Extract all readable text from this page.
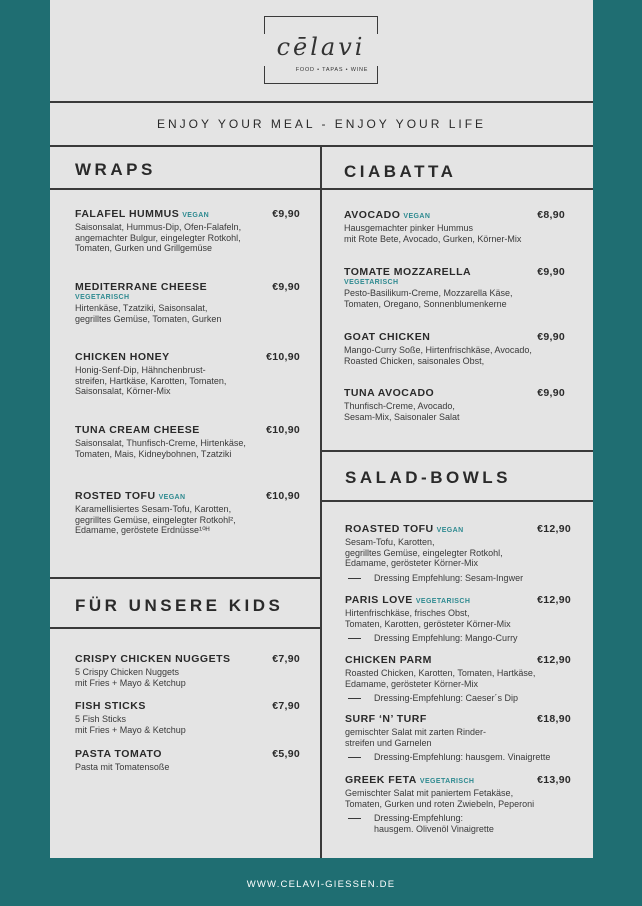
cēlavi
FOOD • TAPAS • WINE
ENJOY YOUR MEAL - ENJOY YOUR LIFE
WRAPS
FALAFEL HUMMUS VEGAN	€9,90
Saisonsalat, Hummus-Dip, Ofen-Falafeln,
angemachter Bulgur, eingelegter Rotkohl,
Tomaten, Gurken und Grillgemüse
MEDITERRANE CHEESE
VEGETARISCH
€9,90
Hirtenkäse, Tzatziki, Saisonsalat,
gegrilltes Gemüse, Tomaten, Gurken
CHICKEN HONEY	€10,90
Honig-Senf-Dip, Hähnchenbrust-
streifen, Hartkäse, Karotten, Tomaten,
Saisonsalat, Körner-Mix
TUNA CREAM CHEESE	€10,90
Saisonsalat, Thunfisch-Creme, Hirtenkäse,
Tomaten, Mais, Kidneybohnen, Tzatziki
ROSTED TOFU VEGAN	€10,90
Karamellisiertes Sesam-Tofu, Karotten,
gegrilltes Gemüse, eingelegter Rotkohl²,
Edamame, geröstete Erdnüsse¹⁰ᴴ
FÜR UNSERE KIDS
CRISPY CHICKEN NUGGETS	€7,90
5 Crispy Chicken Nuggets
mit Fries + Mayo & Ketchup
FISH STICKS	€7,90
5 Fish Sticks
mit Fries + Mayo & Ketchup
PASTA TOMATO	€5,90
Pasta mit Tomatensoße
CIABATTA
AVOCADO VEGAN	€8,90
Hausgemachter pinker Hummus
mit Rote Bete, Avocado, Gurken, Körner-Mix
TOMATE MOZZARELLA
VEGETARISCH
€9,90
Pesto-Basilikum-Creme, Mozzarella Käse,
Tomaten, Oregano, Sonnenblumenkerne
GOAT CHICKEN	€9,90
Mango-Curry Soße, Hirtenfrischkäse, Avocado,
Roasted Chicken, saisonales Obst,
TUNA AVOCADO	€9,90
Thunfisch-Creme, Avocado,
Sesam-Mix, Saisonaler Salat
SALAD-BOWLS
ROASTED TOFU VEGAN	€12,90
Sesam-Tofu, Karotten,
gegrilltes Gemüse, eingelegter Rotkohl,
Edamame, gerösteter Körner-Mix
Dressing Empfehlung: Sesam-Ingwer
PARIS LOVE VEGETARISCH	€12,90
Hirtenfrischkäse, frisches Obst,
Tomaten, Karotten, gerösteter Körner-Mix
Dressing Empfehlung: Mango-Curry
CHICKEN PARM	€12,90
Roasted Chicken, Karotten, Tomaten, Hartkäse,
Edamame, gerösteter Körner-Mix
Dressing-Empfehlung: Caeser´s Dip
SURF ‘N’ TURF	€18,90
gemischter Salat mit zarten Rinder-
streifen und Garnelen
Dressing-Empfehlung: hausgem. Vinaigrette
GREEK FETA VEGETARISCH	€13,90
Gemischter Salat mit paniertem Fetakäse,
Tomaten, Gurken und roten Zwiebeln, Peperoni
Dressing-Empfehlung:
hausgem. Olivenöl Vinaigrette
WWW.CELAVI-GIESSEN.DE
